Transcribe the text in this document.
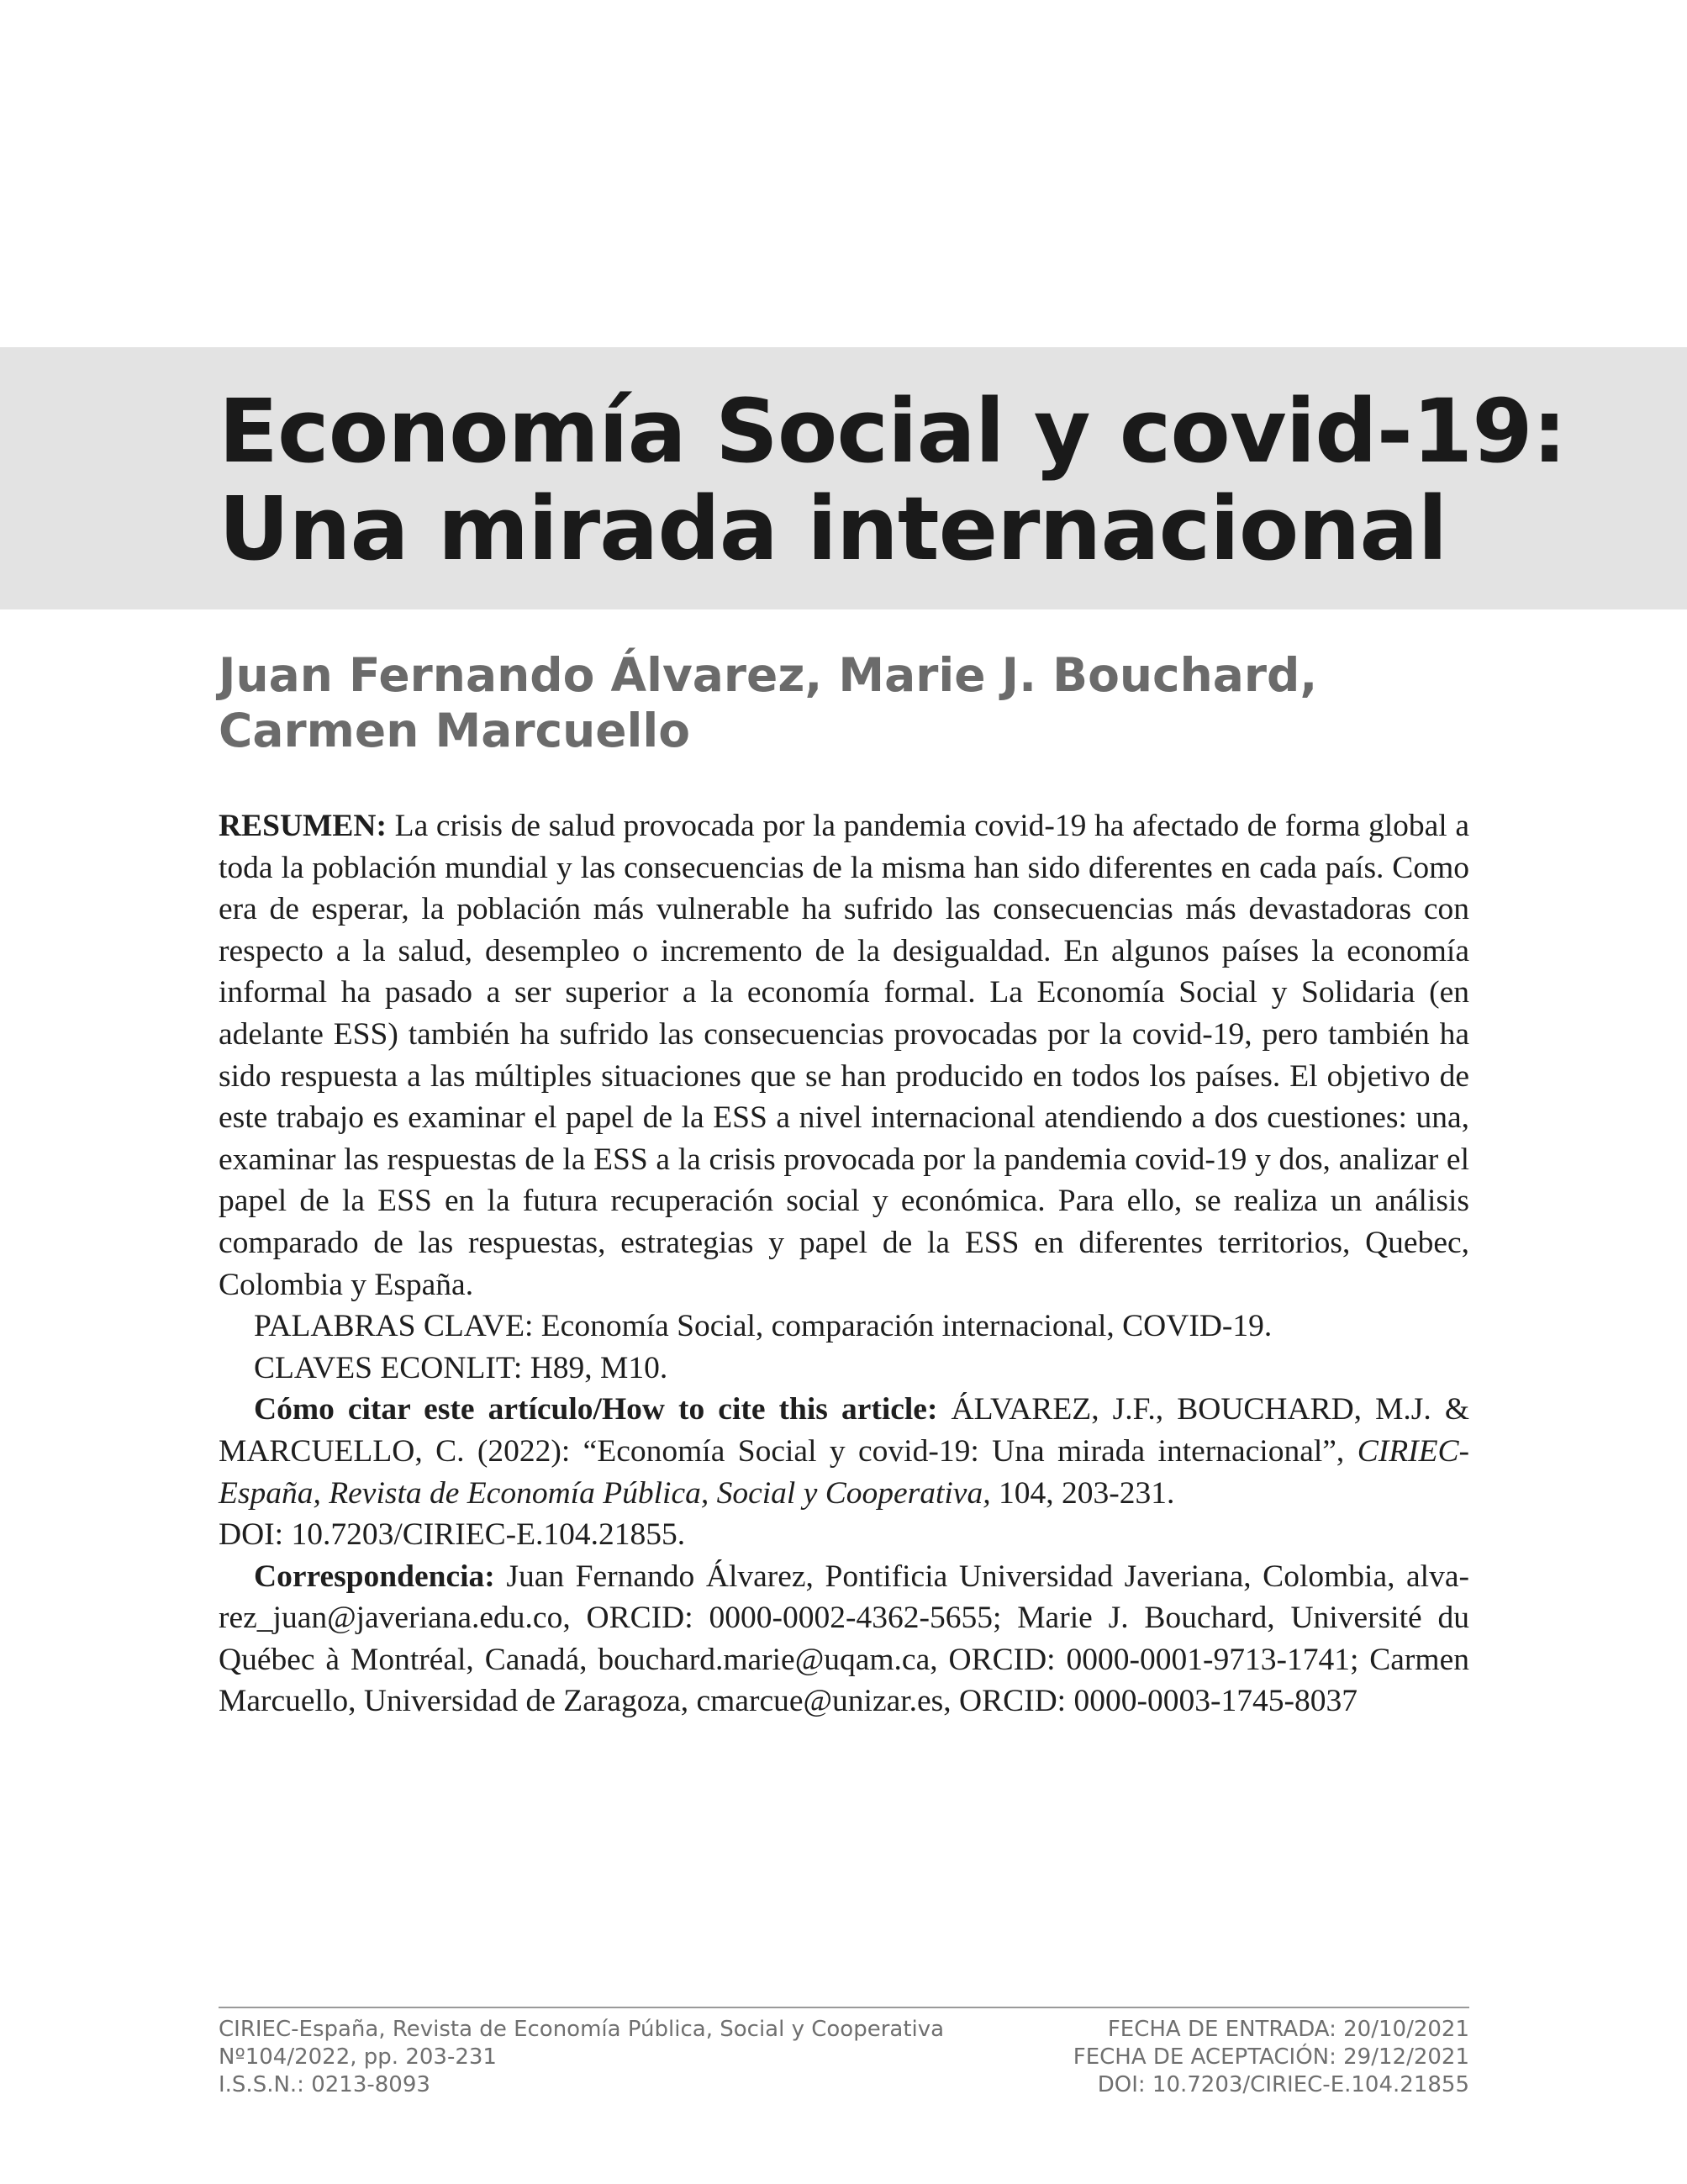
Economía Social y covid-19:
Una mirada internacional
Juan Fernando Álvarez, Marie J. Bouchard,
Carmen Marcuello

RESUMEN: La crisis de salud provocada por la pandemia covid-19 ha afectado de forma global a toda la población mundial y las consecuencias de la misma han sido diferentes en cada país. Como era de esperar, la población más vulnerable ha sufrido las consecuencias más devastadoras con respecto a la salud, desempleo o incremento de la desigualdad. En algunos países la economía informal ha pasado a ser superior a la economía formal. La Economía Social y Solidaria (en adelante ESS) también ha sufrido las consecuencias provocadas por la covid-19, pero también ha sido respuesta a las múltiples situaciones que se han producido en todos los países. El objetivo de este trabajo es examinar el papel de la ESS a nivel internacional atendiendo a dos cuestiones: una, examinar las respuestas de la ESS a la crisis provocada por la pandemia covid-19 y dos, analizar el papel de la ESS en la futura recuperación social y económica. Para ello, se realiza un análisis comparado de las respuestas, estrategias y papel de la ESS en diferentes territorios, Quebec, Colombia y España.

PALABRAS CLAVE: Economía Social, comparación internacional, COVID-19.

CLAVES ECONLIT: H89, M10.

Cómo citar este artículo/How to cite this article: ÁLVAREZ, J.F., BOUCHARD, M.J. & MARCUELLO, C. (2022): “Economía Social y covid-19: Una mirada internacional”, CIRIEC-España, Revista de Economía Pública, Social y Cooperativa, 104, 203-231.
DOI: 10.7203/CIRIEC-E.104.21855.

Correspondencia: Juan Fernando Álvarez, Pontificia Universidad Javeriana, Colombia, alvarez_juan@javeriana.edu.co, ORCID: 0000-0002-4362-5655; Marie J. Bouchard, Université du Québec à Montréal, Canadá, bouchard.marie@uqam.ca, ORCID: 0000-0001-9713-1741; Carmen Marcuello, Universidad de Zaragoza, cmarcue@unizar.es, ORCID: 0000-0003-1745-8037

CIRIEC-España, Revista de Economía Pública, Social y Cooperativa
Nº104/2022, pp. 203-231
I.S.S.N.: 0213-8093
FECHA DE ENTRADA: 20/10/2021
FECHA DE ACEPTACIÓN: 29/12/2021
DOI: 10.7203/CIRIEC-E.104.21855
